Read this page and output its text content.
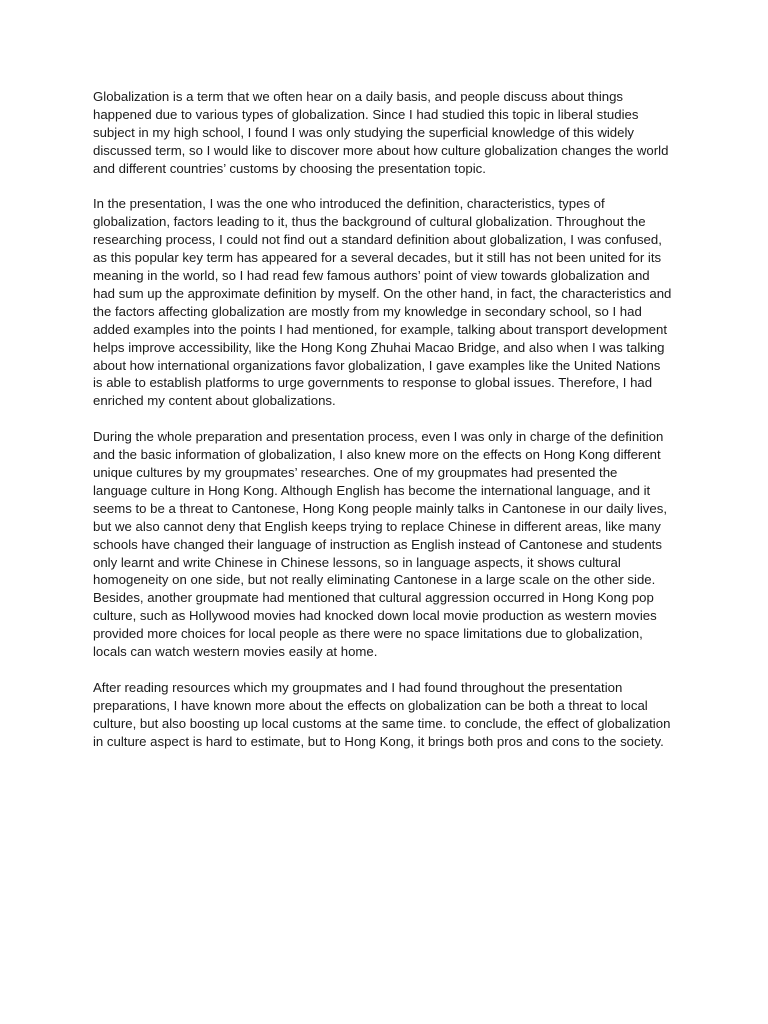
Globalization is a term that we often hear on a daily basis, and people discuss about things happened due to various types of globalization. Since I had studied this topic in liberal studies subject in my high school, I found I was only studying the superficial knowledge of this widely discussed term, so I would like to discover more about how culture globalization changes the world and different countries’ customs by choosing the presentation topic.

In the presentation, I was the one who introduced the definition, characteristics, types of globalization, factors leading to it, thus the background of cultural globalization. Throughout the researching process, I could not find out a standard definition about globalization, I was confused, as this popular key term has appeared for a several decades, but it still has not been united for its meaning in the world, so I had read few famous authors’ point of view towards globalization and had sum up the approximate definition by myself. On the other hand, in fact, the characteristics and the factors affecting globalization are mostly from my knowledge in secondary school, so I had added examples into the points I had mentioned, for example, talking about transport development helps improve accessibility, like the Hong Kong Zhuhai Macao Bridge, and also when I was talking about how international organizations favor globalization, I gave examples like the United Nations is able to establish platforms to urge governments to response to global issues. Therefore, I had enriched my content about globalizations.

During the whole preparation and presentation process, even I was only in charge of the definition and the basic information of globalization, I also knew more on the effects on Hong Kong different unique cultures by my groupmates’ researches. One of my groupmates had presented the language culture in Hong Kong. Although English has become the international language, and it seems to be a threat to Cantonese, Hong Kong people mainly talks in Cantonese in our daily lives, but we also cannot deny that English keeps trying to replace Chinese in different areas, like many schools have changed their language of instruction as English instead of Cantonese and students only learnt and write Chinese in Chinese lessons, so in language aspects, it shows cultural homogeneity on one side, but not really eliminating Cantonese in a large scale on the other side. Besides, another groupmate had mentioned that cultural aggression occurred in Hong Kong pop culture, such as Hollywood movies had knocked down local movie production as western movies provided more choices for local people as there were no space limitations due to globalization, locals can watch western movies easily at home.

After reading resources which my groupmates and I had found throughout the presentation preparations, I have known more about the effects on globalization can be both a threat to local culture, but also boosting up local customs at the same time. to conclude, the effect of globalization in culture aspect is hard to estimate, but to Hong Kong, it brings both pros and cons to the society.
